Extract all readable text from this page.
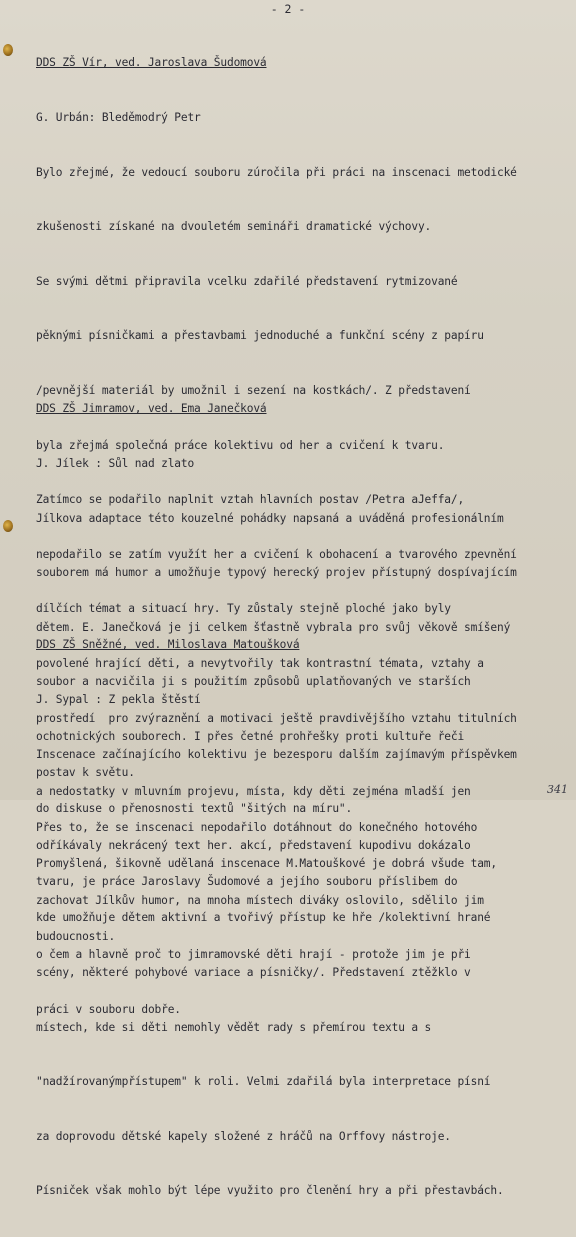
- 2 -

DDS ZŠ Vír, ved. Jaroslava Šudomová

G. Urbán: Bleděmodrý Petr

Bylo zřejmé, že vedoucí souboru zúročila při práci na inscenaci metodické

zkušenosti získané na dvouletém semináři dramatické výchovy.

Se svými dětmi připravila vcelku zdařilé představení rytmizované

pěknými písničkami a přestavbami jednoduché a funkční scény z papíru

/pevnější materiál by umožnil i sezení na kostkách/. Z představení

byla zřejmá společná práce kolektivu od her a cvičení k tvaru.

Zatímco se podařilo naplnit vztah hlavních postav /Petra aJeffa/,

nepodařilo se zatím využít her a cvičení k obohacení a tvarového zpevnění

dílčích témat a situací hry. Ty zůstaly stejně ploché jako byly

povolené hrající děti, a nevytvořily tak kontrastní témata, vztahy a

prostředí  pro zvýraznění a motivaci ještě pravdivějšího vztahu titulních

postav k světu.

Přes to, že se inscenaci nepodařilo dotáhnout do konečného hotového

tvaru, je práce Jaroslavy Šudomové a jejího souboru příslibem do

budoucnosti.

DDS ZŠ Jimramov, ved. Ema Janečková

J. Jílek : Sůl nad zlato

Jílkova adaptace této kouzelné pohádky napsaná a uváděná profesionálním

souborem má humor a umožňuje typový herecký projev přístupný dospívajícím

dětem. E. Janečková je ji celkem šťastně vybrala pro svůj věkově smíšený

soubor a nacvičila ji s použitím způsobů uplatňovaných ve starších

ochotnických souborech. I přes četné prohřešky proti kultuře řeči

a nedostatky v mluvním projevu, místa, kdy děti zejména mladší jen

odříkávaly nekrácený text her. akcí, představení kupodivu dokázalo

zachovat Jílkův humor, na mnoha místech diváky oslovilo, sdělilo jim

o čem a hlavně proč to jimramovské děti hrají - protože jim je při

práci v souboru dobře.

DDS ZŠ Sněžné, ved. Miloslava Matoušková

J. Sypal : Z pekla štěstí

Inscenace začínajícího kolektivu je bezesporu dalším zajímavým příspěvkem

do diskuse o přenosnosti textů "šitých na míru".

Promyšlená, šikovně udělaná inscenace M.Matouškové je dobrá všude tam,

kde umožňuje dětem aktivní a tvořivý přístup ke hře /kolektivní hrané

scény, některé pohybové variace a písničky/. Představení ztěžklo v

místech, kde si děti nemohly vědět rady s přemírou textu a s

"nadžírovanýmpřístupem" k roli. Velmi zdařilá byla interpretace písní

za doprovodu dětské kapely složené z hráčů na Orffovy nástroje.

Písniček však mohlo být lépe využito pro členění hry a při přestavbách.

341
